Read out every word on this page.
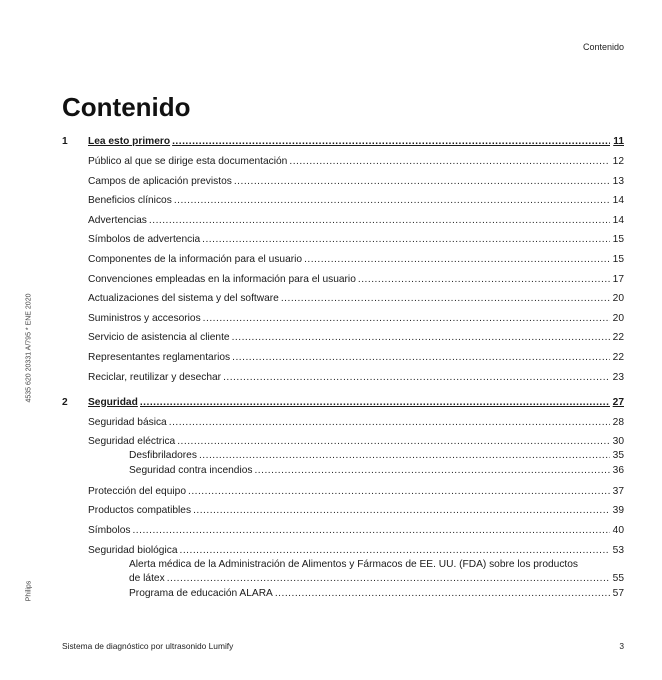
Contenido
Contenido
4535 620 20331 A/795 * ENE 2020
Philips
1	Lea esto primero .....	11
Público al que se dirige esta documentación .....	12
Campos de aplicación previstos .....	13
Beneficios clínicos .....	14
Advertencias .....	14
Símbolos de advertencia .....	15
Componentes de la información para el usuario .....	15
Convenciones empleadas en la información para el usuario .....	17
Actualizaciones del sistema y del software .....	20
Suministros y accesorios .....	20
Servicio de asistencia al cliente .....	22
Representantes reglamentarios .....	22
Reciclar, reutilizar y desechar .....	23
2	Seguridad .....	27
Seguridad básica .....	28
Seguridad eléctrica .....	30
Desfibriladores .....	35
Seguridad contra incendios .....	36
Protección del equipo .....	37
Productos compatibles .....	39
Símbolos .....	40
Seguridad biológica .....	53
Alerta médica de la Administración de Alimentos y Fármacos de EE. UU. (FDA) sobre los productos
de látex .....	55
Programa de educación ALARA .....	57
Sistema de diagnóstico por ultrasonido Lumify	3
